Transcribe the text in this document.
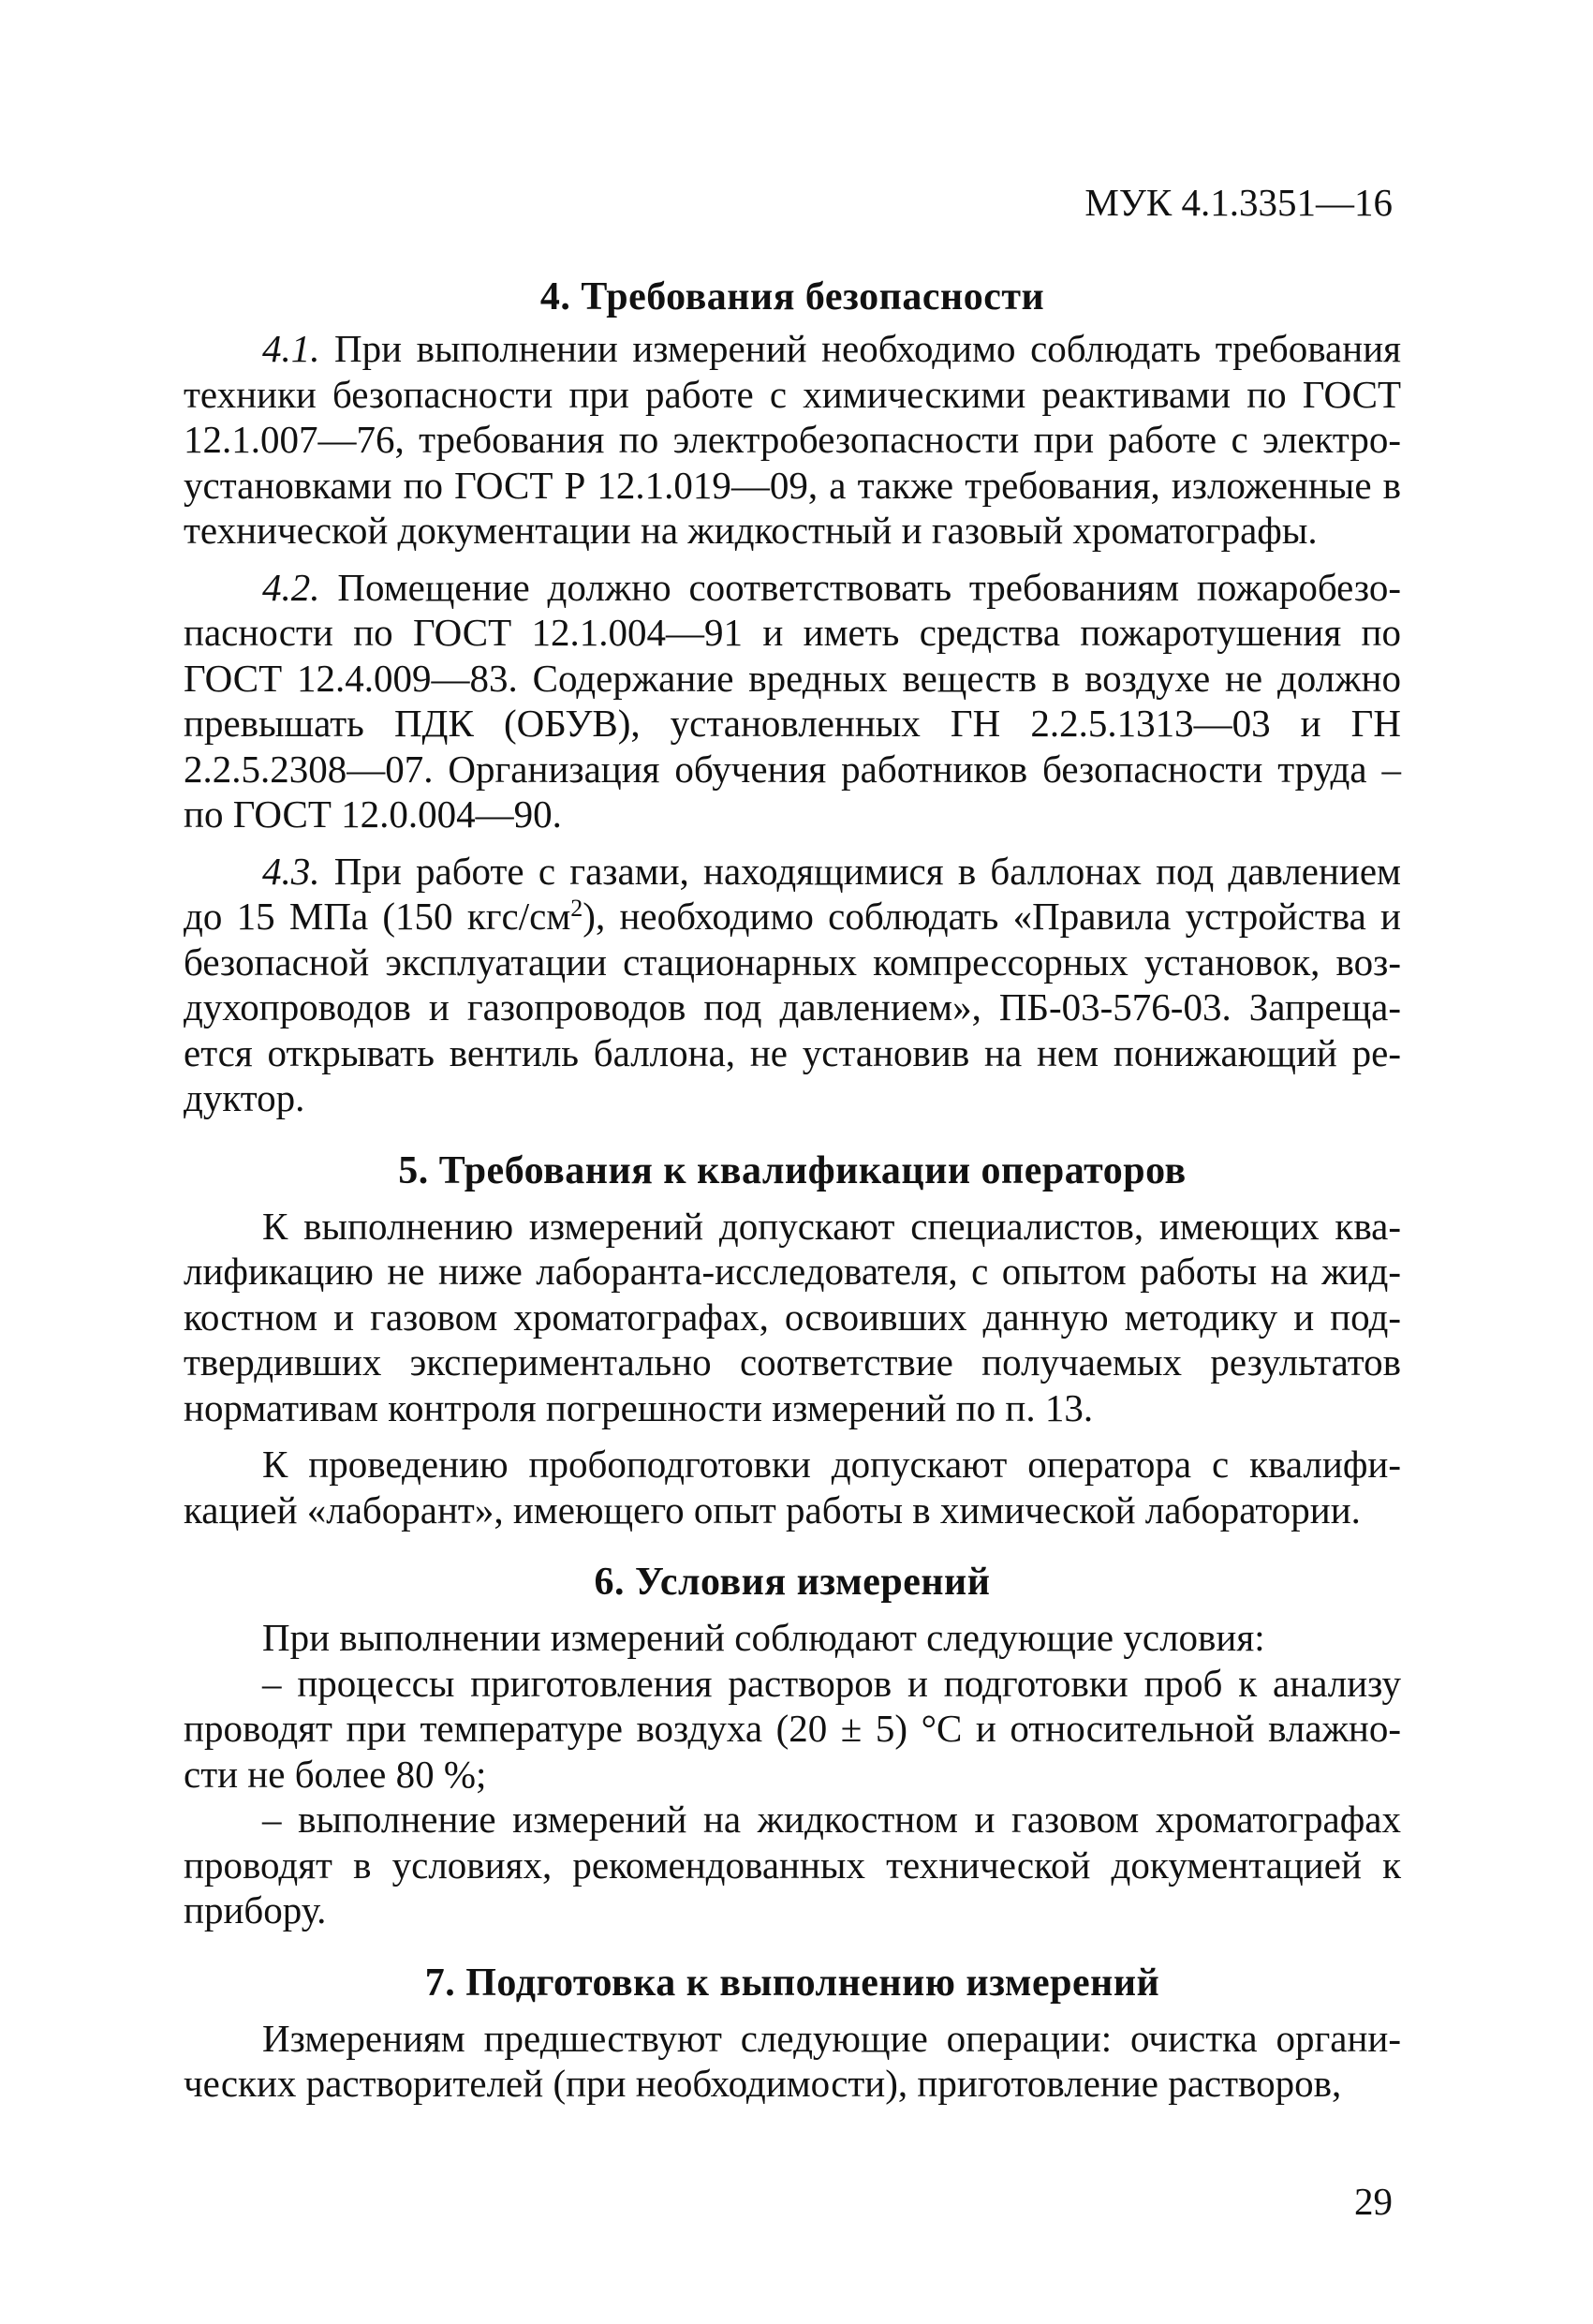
МУК 4.1.3351—16
4. Требования безопасности

4.1. При выполнении измерений необходимо соблюдать требования техники безопасности при работе с химическими реактивами по ГОСТ 12.1.007—76, требования по электробезопасности при работе с электроустановками по ГОСТ Р 12.1.019—09, а также требования, изложенные в технической документации на жидкостный и газовый хроматографы.

4.2. Помещение должно соответствовать требованиям пожаробезопасности по ГОСТ 12.1.004—91 и иметь средства пожаротушения по ГОСТ 12.4.009—83. Содержание вредных веществ в воздухе не должно превышать ПДК (ОБУВ), установленных ГН 2.2.5.1313—03 и ГН 2.2.5.2308—07. Организация обучения работников безопасности труда – по ГОСТ 12.0.004—90.

4.3. При работе с газами, находящимися в баллонах под давлением до 15 МПа (150 кгс/$см^2$), необходимо соблюдать «Правила устройства и безопасной эксплуатации стационарных компрессорных установок, воздухопроводов и газопроводов под давлением», ПБ-03-576-03. Запрещается открывать вентиль баллона, не установив на нем понижающий редуктор.

5. Требования к квалификации операторов

К выполнению измерений допускают специалистов, имеющих квалификацию не ниже лаборанта-исследователя, с опытом работы на жидкостном и газовом хроматографах, освоивших данную методику и подтвердивших экспериментально соответствие получаемых результатов нормативам контроля погрешности измерений по п. 13.

К проведению пробоподготовки допускают оператора с квалификацией «лаборант», имеющего опыт работы в химической лаборатории.

6. Условия измерений

При выполнении измерений соблюдают следующие условия:

– процессы приготовления растворов и подготовки проб к анализу проводят при температуре воздуха (20 ± 5) °С и относительной влажности не более 80 %;

– выполнение измерений на жидкостном и газовом хроматографах проводят в условиях, рекомендованных технической документацией к прибору.

7. Подготовка к выполнению измерений

Измерениям предшествуют следующие операции: очистка органических растворителей (при необходимости), приготовление растворов,

29
